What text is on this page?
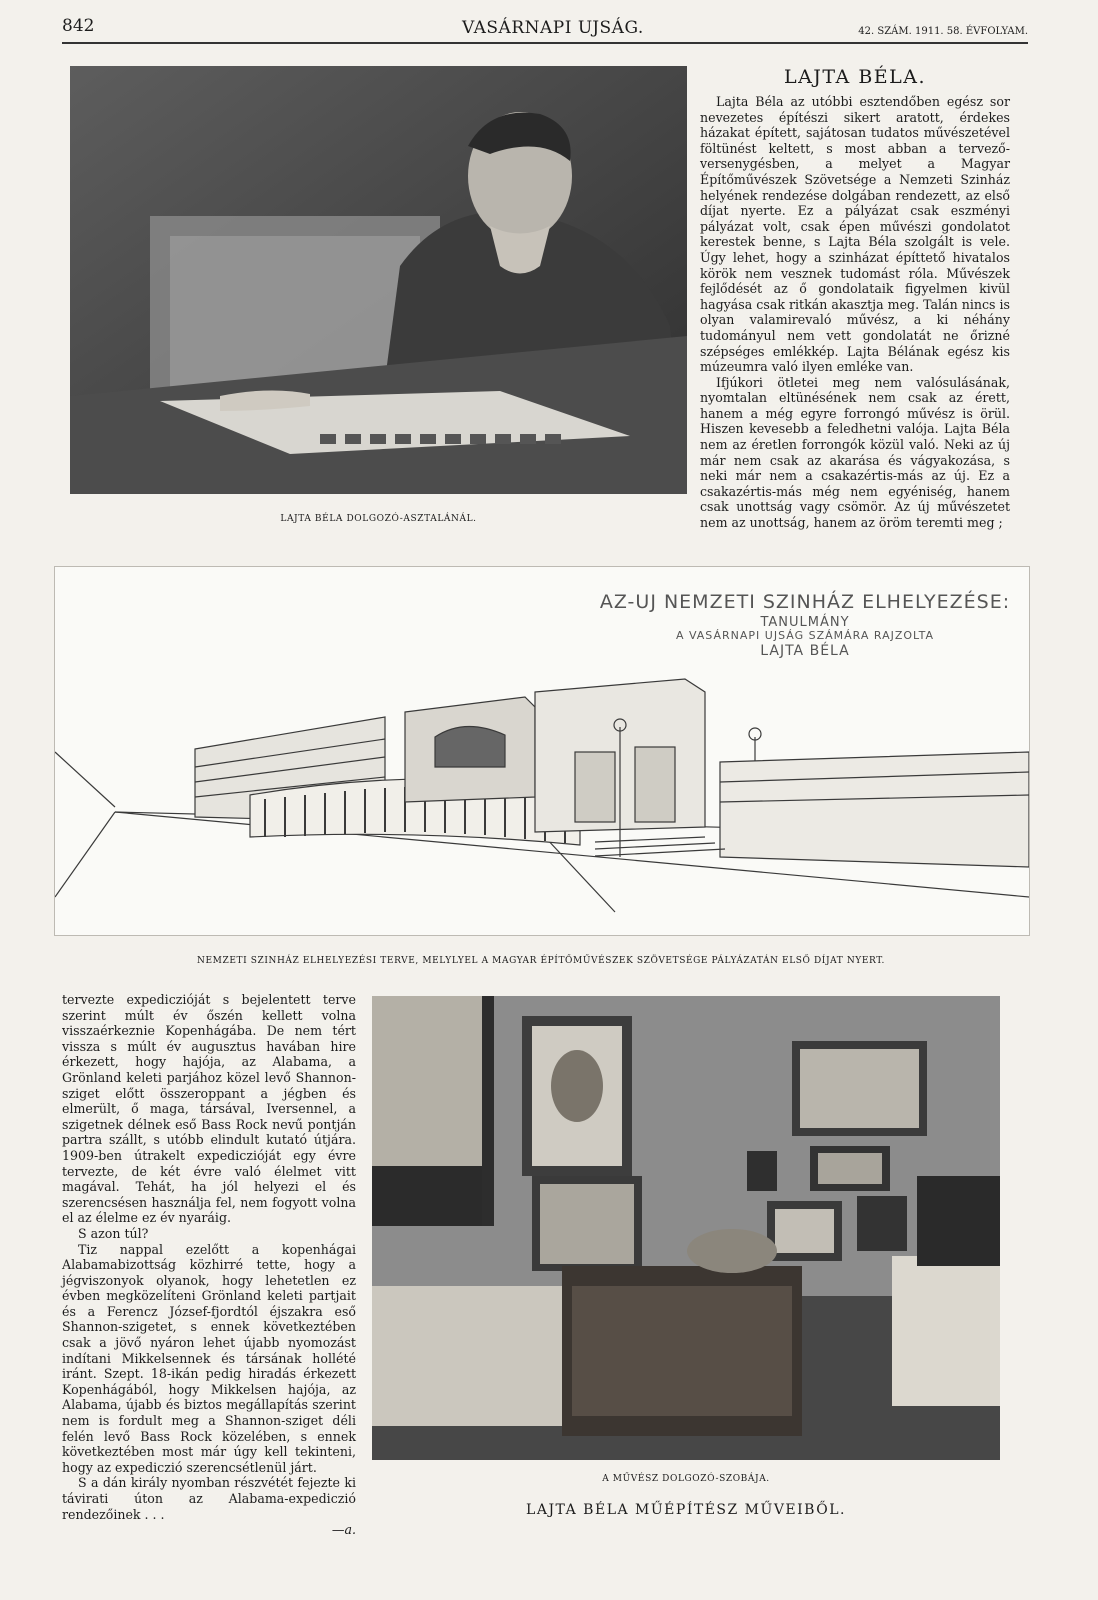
842	VASÁRNAPI UJSÁG.	42. SZÁM. 1911. 58. ÉVFOLYAM.
LAJTA BÉLA DOLGOZÓ-ASZTALÁNÁL.
LAJTA BÉLA.

Lajta Béla az utóbbi esztendőben egész sor nevezetes építészi sikert aratott, érdekes házakat épített, sajátosan tudatos művészetével föltünést keltett, s most abban a tervező-versenygésben, a melyet a Magyar Építőművészek Szövetsége a Nemzeti Szinház helyének rendezése dolgában rendezett, az első díjat nyerte. Ez a pályázat csak eszményi pályázat volt, csak épen művészi gondolatot kerestek benne, s Lajta Béla szolgált is vele. Úgy lehet, hogy a szinházat építtető hivatalos körök nem vesznek tudomást róla. Művészek fejlődését az ő gondolataik figyelmen kivül hagyása csak ritkán akasztja meg. Talán nincs is olyan valamirevaló művész, a ki néhány tudományul nem vett gondolatát ne őrizné szépséges emlékkép. Lajta Bélának egész kis múzeumra való ilyen emléke van.

Ifjúkori ötletei meg nem valósulásának, nyomtalan eltünésének nem csak az érett, hanem a még egyre forrongó művész is örül. Hiszen kevesebb a feledhetni valója. Lajta Béla nem az éretlen forrongók közül való. Neki az új már nem csak az akarása és vágyakozása, s neki már nem a csakazértis-más az új. Ez a csakazértis-más még nem egyéniség, hanem csak unottság vagy csömör. Az új művészetet nem az unottság, hanem az öröm teremti meg ;

AZ-UJ NEMZETI SZINHÁZ ELHELYEZÉSE:
TANULMÁNY
A VASÁRNAPI UJSÁG SZÁMÁRA RAJZOLTA
LAJTA BÉLA
NEMZETI SZINHÁZ ELHELYEZÉSI TERVE, MELYLYEL A MAGYAR ÉPÍTŐMŰVÉSZEK SZÖVETSÉGE PÁLYÁZATÁN ELSŐ DÍJAT NYERT.

tervezte expediczióját s bejelentett terve szerint múlt év őszén kellett volna visszaérkeznie Kopenhágába. De nem tért vissza s múlt év augusztus havában hire érkezett, hogy hajója, az Alabama, a Grönland keleti parjához közel levő Shannon-sziget előtt összeroppant a jégben és elmerült, ő maga, társával, Iversennel, a szigetnek délnek eső Bass Rock nevű pontján partra szállt, s utóbb elindult kutató útjára. 1909-ben útrakelt expediczióját egy évre tervezte, de két évre való élelmet vitt magával. Tehát, ha jól helyezi el és szerencsésen használja fel, nem fogyott volna el az élelme ez év nyaráig.

S azon túl?

Tiz nappal ezelőtt a kopenhágai Alabamabizottság közhirré tette, hogy a jégviszonyok olyanok, hogy lehetetlen ez évben megközelíteni Grönland keleti partjait és a Ferencz József-fjordtól éjszakra eső Shannon-szigetet, s ennek következtében csak a jövő nyáron lehet újabb nyomozást indítani Mikkelsennek és társának hollété iránt. Szept. 18-ikán pedig hiradás érkezett Kopenhágából, hogy Mikkelsen hajója, az Alabama, újabb és biztos megállapítás szerint nem is fordult meg a Shannon-sziget déli felén levő Bass Rock közelében, s ennek következtében most már úgy kell tekinteni, hogy az expediczió szerencsétlenül járt.

S a dán király nyomban részvétét fejezte ki távirati úton az Alabama-expediczió rendezőinek . . .

—a.
A MŰVÉSZ DOLGOZÓ-SZOBÁJA.
LAJTA BÉLA MŰÉPÍTÉSZ MŰVEIBŐL.
